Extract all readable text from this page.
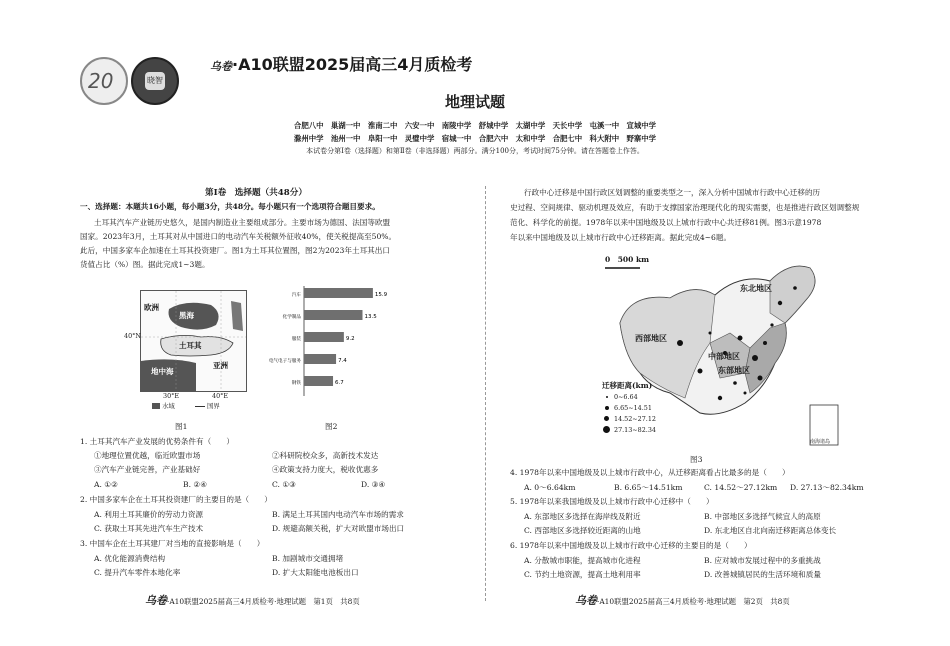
20	晓智
乌卷·A10联盟2025届高三4月质检考
地理试题
合肥八中　巢湖一中　淮南二中　六安一中　南陵中学　舒城中学　太湖中学　天长中学　屯溪一中　宣城中学
滁州中学　池州一中　阜阳一中　灵璧中学　宿城一中　合肥六中　太和中学　合肥七中　科大附中　野寨中学
本试卷分第Ⅰ卷（选择题）和第Ⅱ卷（非选择题）两部分。满分100分，考试时间75分钟。请在答题卷上作答。
第Ⅰ卷　选择题（共48分）
一、选择题：本题共16小题，每小题3分，共48分。每小题只有一个选项符合题目要求。
土耳其汽车产业链历史悠久，是国内制造业主要组成部分。主要市场为德国、法国等欧盟
国家。2023年3月，土耳其对从中国进口的电动汽车关税额外征收40%，使关税提高至50%。
此后，中国多家车企加速在土耳其投资建厂。图1为土耳其位置图，图2为2023年土耳其出口
货值占比（%）图。据此完成1~3题。
欧洲
黑海
土耳其
地中海
亚洲
40°N
30°E	40°E
水域	国界
图1
汽车	15.9
化学制品	13.5
服装	9.2
电气电子与服务	7.4
钢铁	6.7
图2
1. 土耳其汽车产业发展的优势条件有（　　）
①地理位置优越，临近欧盟市场	②科研院校众多，高新技术发达
③汽车产业链完善，产业基础好	④政策支持力度大，税收优惠多
A. ①②	B. ②④	C. ①③	D. ③④
2. 中国多家车企在土耳其投资建厂的主要目的是（　　）
A. 利用土耳其廉价的劳动力资源	B. 满足土耳其国内电动汽车市场的需求
C. 获取土耳其先进汽车生产技术	D. 规避高额关税，扩大对欧盟市场出口
3. 中国车企在土耳其建厂对当地的直接影响是（　　）
A. 优化能源消费结构	B. 加剧城市交通拥堵
C. 提升汽车零件本地化率	D. 扩大太阳能电池板出口
乌卷·A10联盟2025届高三4月质检考·地理试题　第1页　共8页
行政中心迁移是中国行政区划调整的重要类型之一，深入分析中国城市行政中心迁移的历
史过程、空间规律、驱动机理及效应，有助于支撑国家治理现代化的现实需要，也是推进行政区划调整规
范化、科学化的前提。1978年以来中国地级及以上城市行政中心共迁移81例。图3示意1978
年以来中国地级及以上城市行政中心迁移距离。据此完成4~6题。
0　500 km
西部地区
中部地区
东部地区
东北地区
迁移距离(km)
0~6.64
6.65~14.51
14.52~27.12
27.13~82.34
南海诸岛
图3
4. 1978年以来中国地级及以上城市行政中心，从迁移距离看占比最多的是（　　）
A. 0～6.64km	B. 6.65～14.51km	C. 14.52～27.12km D. 27.13～82.34km
5. 1978年以来我国地级及以上城市行政中心迁移中（　　）
A. 东部地区多选择在海岸线及附近	B. 中部地区多选择气候宜人的高原
C. 西部地区多选择较近距离的山地	D. 东北地区自北向南迁移距离总体变长
6. 1978年以来中国地级及以上城市行政中心迁移的主要目的是（　　）
A. 分散城市职能，提高城市化进程	B. 应对城市发展过程中的多重挑战
C. 节约土地资源，提高土地利用率	D. 改善城镇居民的生活环境和质量
乌卷·A10联盟2025届高三4月质检考·地理试题　第2页　共8页
